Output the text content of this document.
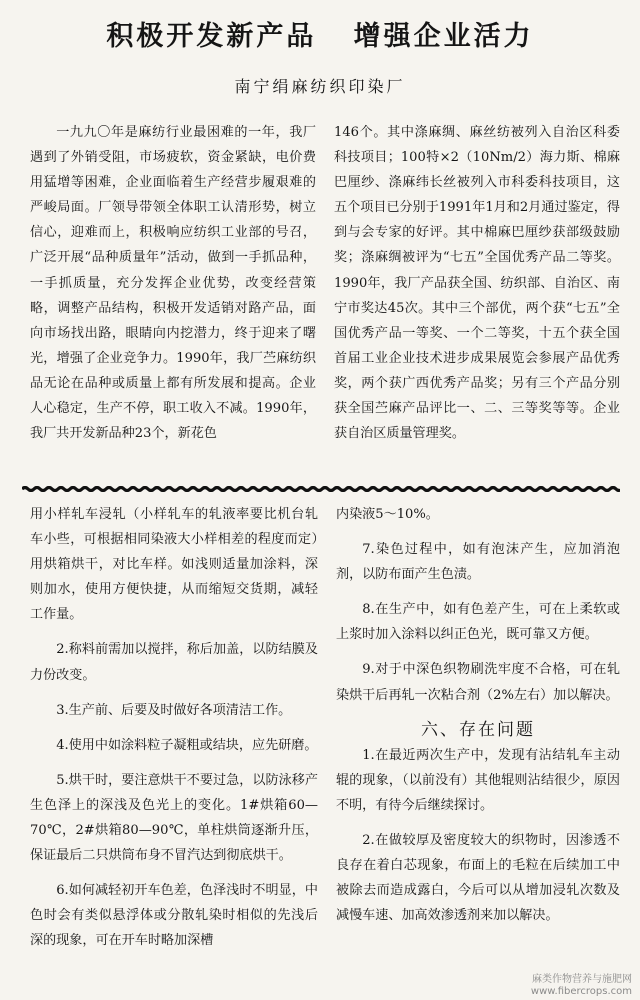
积极开发新产品   增强企业活力
南宁绢麻纺织印染厂

一九九〇年是麻纺行业最困难的一年，我厂遇到了外销受阻，市场疲软，资金紧缺，电价费用猛增等困难，企业面临着生产经营步履艰难的严峻局面。厂领导带领全体职工认清形势，树立信心，迎难而上，积极响应纺织工业部的号召，广泛开展“品种质量年”活动，做到一手抓品种，一手抓质量，充分发挥企业优势，改变经营策略，调整产品结构，积极开发适销对路产品，面向市场找出路，眼睛向内挖潜力，终于迎来了曙光，增强了企业竞争力。1990年，我厂苎麻纺织品无论在品种或质量上都有所发展和提高。企业人心稳定，生产不停，职工收入不减。1990年，我厂共开发新品种23个，新花色

146个。其中涤麻绸、麻丝纺被列入自治区科委科技项目；100特×2（10Nm/2）海力斯、棉麻巴厘纱、涤麻纬长丝被列入市科委科技项目，这五个项目已分别于1991年1月和2月通过鉴定，得到与会专家的好评。其中棉麻巴厘纱获部级鼓励奖；涤麻绸被评为“七五”全国优秀产品二等奖。1990年，我厂产品获全国、纺织部、自治区、南宁市奖达45次。其中三个部优，两个获“七五”全国优秀产品一等奖、一个二等奖，十五个获全国首届工业企业技术进步成果展览会参展产品优秀奖，两个获广西优秀产品奖；另有三个产品分别获全国苎麻产品评比一、二、三等奖等等。企业获自治区质量管理奖。

用小样轧车浸轧（小样轧车的轧液率要比机台轧车小些，可根据相同染液大小样相差的程度而定）用烘箱烘干，对比车样。如浅则适量加涂料，深则加水，使用方便快捷，从而缩短交货期，减轻工作量。

2.称料前需加以搅拌，称后加盖，以防结膜及力份改变。

3.生产前、后要及时做好各项清洁工作。

4.使用中如涂料粒子凝粗或结块，应先研磨。

5.烘干时，要注意烘干不要过急，以防泳移产生色泽上的深浅及色光上的变化。1#烘箱60—70℃，2#烘箱80—90℃，单柱烘筒逐渐升压，保证最后二只烘筒布身不冒汽达到彻底烘干。

6.如何减轻初开车色差，色泽浅时不明显，中色时会有类似悬浮体或分散轧染时相似的先浅后深的现象，可在开车时略加深槽

内染液5～10%。

7.染色过程中，如有泡沫产生，应加消泡剂，以防布面产生色渍。

8.在生产中，如有色差产生，可在上柔软或上浆时加入涂料以纠正色光，既可靠又方便。

9.对于中深色织物刷洗牢度不合格，可在轧染烘干后再轧一次粘合剂（2%左右）加以解决。

六、存在问题

1.在最近两次生产中，发现有沾结轧车主动辊的现象，（以前没有）其他辊则沾结很少，原因不明，有待今后继续探讨。

2.在做较厚及密度较大的织物时，因渗透不良存在着白芯现象，布面上的毛粒在后续加工中被除去而造成露白，今后可以从增加浸轧次数及减慢车速、加高效渗透剂来加以解决。

麻类作物营养与施肥网
www.fibercrops.com
